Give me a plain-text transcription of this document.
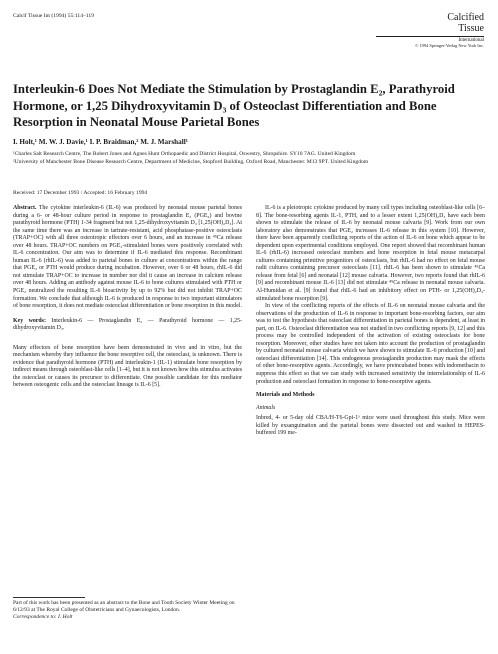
Calcif Tissue Int (1994) 55:114–119	Calcified
Tissue
International
© 1994 Springer-Verlag New York Inc.
Interleukin-6 Does Not Mediate the Stimulation by Prostaglandin E₂, Parathyroid Hormone, or 1,25 Dihydroxyvitamin D₃ of Osteoclast Differentiation and Bone Resorption in Neonatal Mouse Parietal Bones
I. Holt,¹ M. W. J. Davie,¹ I. P. Braidman,² M. J. Marshall¹
¹Charles Salt Research Centre, The Robert Jones and Agnes Hunt Orthopaedic and District Hospital, Oswestry, Shropshire. SY10 7AG. United Kingdom
²University of Manchester Bone Disease Research Centre, Department of Medicine, Stopford Building, Oxford Road, Manchester. M13 9PT. United Kingdom
Received: 17 December 1993 / Accepted: 16 February 1994

Abstract. The cytokine interleukin-6 (IL-6) was produced by neonatal mouse parietal bones during a 6- or 48-hour culture period in response to prostaglandin E₂ (PGE₂) and bovine parathyroid hormone (PTH) 1-34 fragment but not 1,25-dihydroxyvitamin D₃ [1,25(OH)₂D₃]. At the same time there was an increase in tartrate-resistant, acid phosphatase-positive osteoclasts (TRAP+OC) with all three osteotropic effectors over 6 hours, and an increase in ⁴⁵Ca release over 48 hours. TRAP+OC numbers on PGE₂-stimulated bones were positively correlated with IL-6 concentration. Our aim was to determine if IL-6 mediated this response. Recombinant human IL-6 (rhIL-6) was added to parietal bones in culture at concentrations within the range that PGE₂ or PTH would produce during incubation. However, over 6 or 48 hours, rhIL-6 did not stimulate TRAP+OC to increase in number nor did it cause an increase in calcium release over 48 hours. Adding an antibody against mouse IL-6 to bone cultures stimulated with PTH or PGE₂ neutralized the resulting IL-6 bioactivity by up to 92% but did not inhibit TRAP+OC formation. We conclude that although IL-6 is produced in response to two important stimulators of bone resorption, it does not mediate osteoclast differentiation or bone resorption in this model.

Key words: Interleukin-6 — Prostaglandin E₂ — Parathyroid hormone — 1,25-dihydroxyvitamin D₃.

Many effectors of bone resorption have been demonstrated in vivo and in vitro, but the mechanism whereby they influence the bone resorptive cell, the osteoclast, is unknown. There is evidence that parathyroid hormone (PTH) and interleukin-1 (IL-1) stimulate bone resorption by indirect means through osteoblast-like cells [1–4], but it is not known how this stimulus activates the osteoclast or causes its precursor to differentiate. One possible candidate for this mediator between osteogenic cells and the osteoclast lineage is IL-6 [5].

Part of this work has been presented as an abstract to the Bone and Tooth Society Winter Meeting on 6/12/93 at The Royal College of Obstetricians and Gynaecologists, London.
Correspondence to: I. Holt

IL-6 is a pleiotropic cytokine produced by many cell types including osteoblast-like cells [6–8]. The bone-resorbing agents IL-1, PTH, and to a lesser extent 1,25(OH)₂D₃ have each been shown to stimulate the release of IL-6 by neonatal mouse calvaria [9]. Work from our own laboratory also demonstrates that PGE₂ increases IL-6 release in this system [10]. However, there have been apparently conflicting reports of the action of IL-6 on bone which appear to be dependent upon experimental conditions employed. One report showed that recombinant human IL-6 (rhIL-6) increased osteoclast numbers and bone resorption in fetal mouse metacarpal cultures containing primitive progenitors of osteoclasts, but rhIL-6 had no effect on fetal mouse radii cultures containing precursor osteoclasts [11]. rhIL-6 has been shown to stimulate ⁴⁵Ca release from fetal [6] and neonatal [12] mouse calvaria. However, two reports found that rhIL-6 [9] and recombinant mouse IL-6 [13] did not stimulate ⁴⁵Ca release in neonatal mouse calvaria. Al-Humidan et al. [9] found that rhIL-6 had an inhibitory effect on PTH- or 1,25(OH)₂D₃-stimulated bone resorption [9].

In view of the conflicting reports of the effects of IL-6 on neonatal mouse calvaria and the observations of the production of IL-6 in response to important bone-resorbing factors, our aim was to test the hypothesis that osteoclast differentiation in parietal bones is dependent, at least in part, on IL-6. Osteoclast differentiation was not studied in two conflicting reports [9, 12] and this process may be controlled independent of the activation of existing osteoclasts for bone resorption. Moreover, other studies have not taken into account the production of prostaglandin by cultured neonatal mouse calvaria which we have shown to stimulate IL-6 production [10] and osteoclast differentiation [14]. This endogenous prostaglandin production may mask the effects of other bone-resorptive agents. Accordingly, we have preincubated bones with indomethacin to suppress this effect so that we can study with increased sensitivity the interrelationship of IL-6 production and osteoclast formation in response to bone-resorptive agents.

Materials and Methods

Animals

Inbred, 4- or 5-day old CBA/H-T6-Gpi-1ᵃ mice were used throughout this study. Mice were killed by exsanguination and the parietal bones were dissected out and washed in HEPES-buffered 199 me-
